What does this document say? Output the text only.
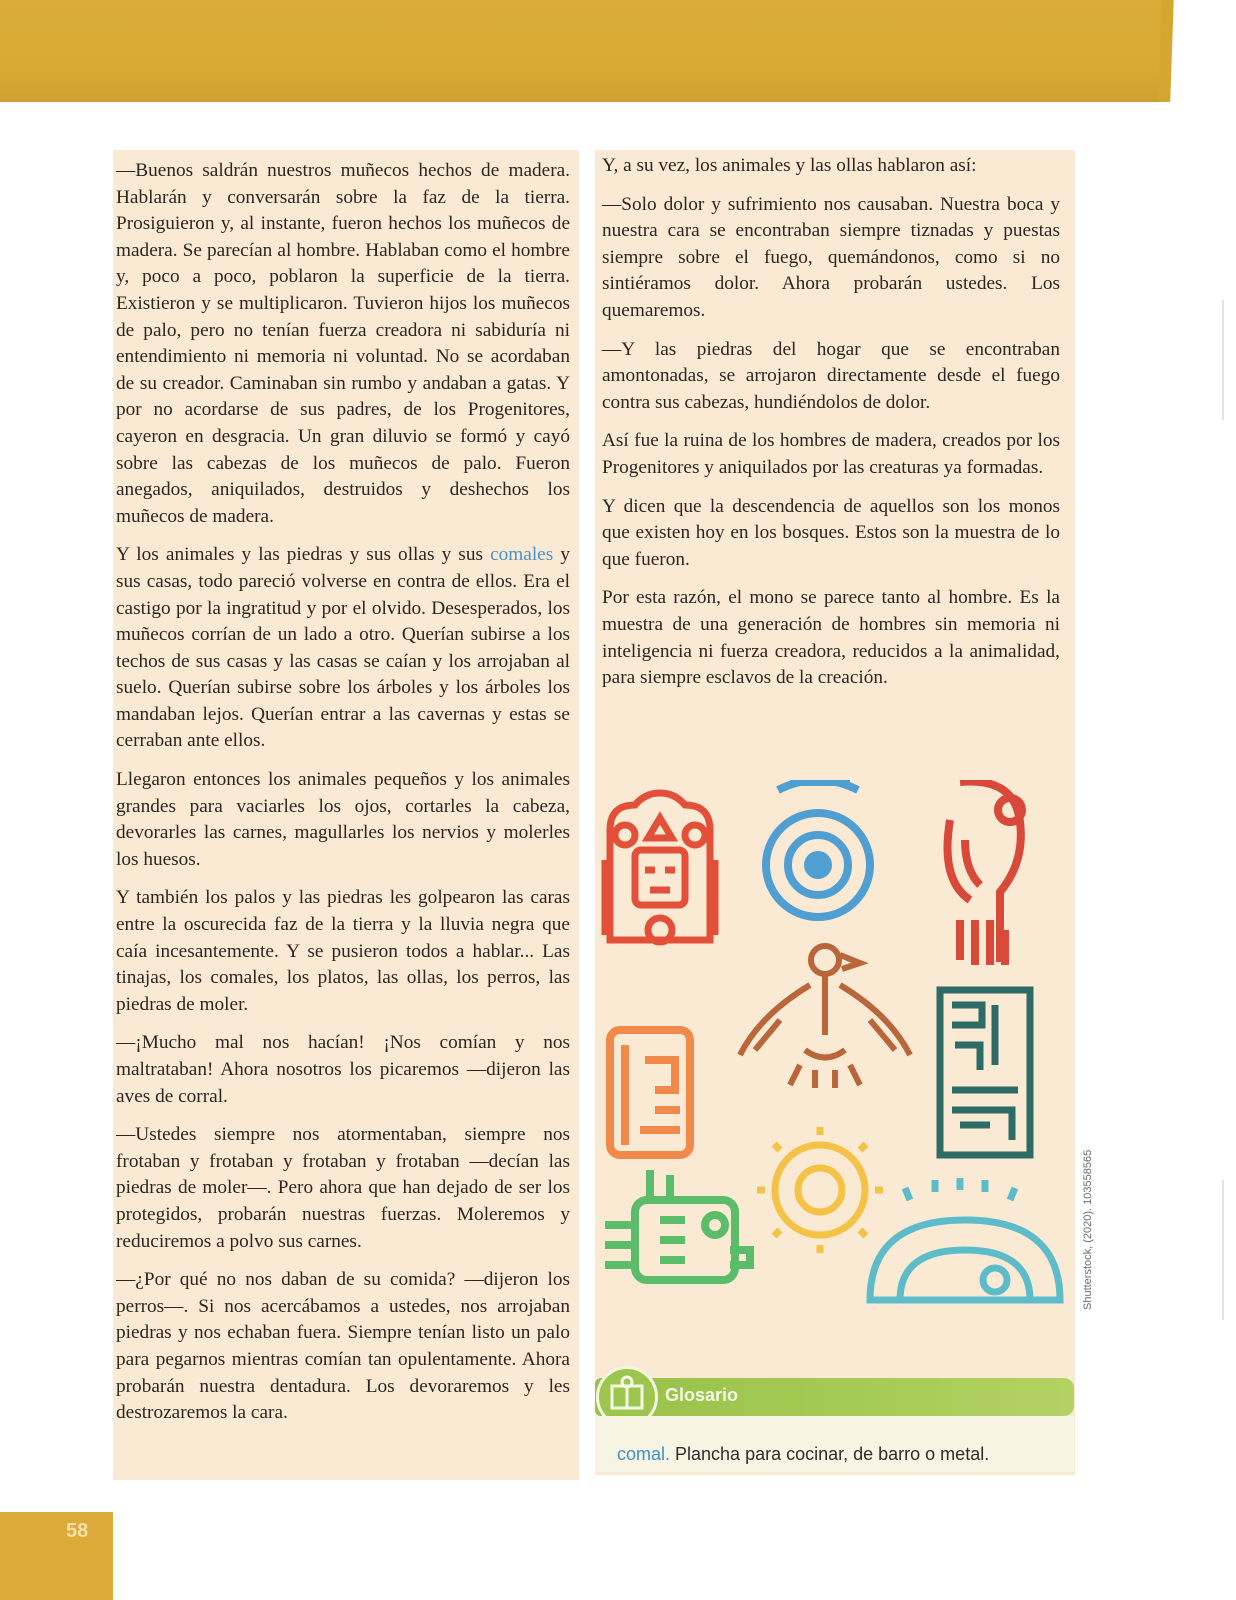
—Buenos saldrán nuestros muñecos hechos de madera. Hablarán y conversarán sobre la faz de la tierra. Prosiguieron y, al instante, fueron hechos los muñecos de madera. Se parecían al hombre. Hablaban como el hombre y, poco a poco, poblaron la superficie de la tierra. Existieron y se multiplicaron. Tuvieron hijos los muñecos de palo, pero no tenían fuerza creadora ni sabiduría ni entendimiento ni memoria ni voluntad. No se acordaban de su creador. Caminaban sin rumbo y andaban a gatas. Y por no acordarse de sus padres, de los Progenitores, cayeron en desgracia. Un gran diluvio se formó y cayó sobre las cabezas de los muñecos de palo. Fueron anegados, aniquilados, destruidos y deshechos los muñecos de madera.

Y los animales y las piedras y sus ollas y sus comales y sus casas, todo pareció volverse en contra de ellos. Era el castigo por la ingratitud y por el olvido. Desesperados, los muñecos corrían de un lado a otro. Querían subirse a los techos de sus casas y las casas se caían y los arrojaban al suelo. Querían subirse sobre los árboles y los árboles los mandaban lejos. Querían entrar a las cavernas y estas se cerraban ante ellos.

Llegaron entonces los animales pequeños y los animales grandes para vaciarles los ojos, cortarles la cabeza, devorarles las carnes, magullarles los nervios y molerles los huesos.

Y también los palos y las piedras les golpearon las caras entre la oscurecida faz de la tierra y la lluvia negra que caía incesantemente. Y se pusieron todos a hablar... Las tinajas, los comales, los platos, las ollas, los perros, las piedras de moler.

—¡Mucho mal nos hacían! ¡Nos comían y nos maltrataban! Ahora nosotros los picaremos —dijeron las aves de corral.

—Ustedes siempre nos atormentaban, siempre nos frotaban y frotaban y frotaban y frotaban —decían las piedras de moler—. Pero ahora que han dejado de ser los protegidos, probarán nuestras fuerzas. Moleremos y reduciremos a polvo sus carnes.

—¿Por qué no nos daban de su comida? —dijeron los perros—. Si nos acercábamos a ustedes, nos arrojaban piedras y nos echaban fuera. Siempre tenían listo un palo para pegarnos mientras comían tan opulentamente. Ahora probarán nuestra dentadura. Los devoraremos y les destrozaremos la cara.

Y, a su vez, los animales y las ollas hablaron así:

—Solo dolor y sufrimiento nos causaban. Nuestra boca y nuestra cara se encontraban siempre tiznadas y puestas siempre sobre el fuego, quemándonos, como si no sintiéramos dolor. Ahora probarán ustedes. Los quemaremos.

—Y las piedras del hogar que se encontraban amontonadas, se arrojaron directamente desde el fuego contra sus cabezas, hundiéndolos de dolor.

Así fue la ruina de los hombres de madera, creados por los Progenitores y aniquilados por las creaturas ya formadas.

Y dicen que la descendencia de aquellos son los monos que existen hoy en los bosques. Estos son la muestra de lo que fueron.

Por esta razón, el mono se parece tanto al hombre. Es la muestra de una generación de hombres sin memoria ni inteligencia ni fuerza creadora, reducidos a la animalidad, para siempre esclavos de la creación.

Shutterstock, (2020). 103558565
Glosario
comal. Plancha para cocinar, de barro o metal.
58
